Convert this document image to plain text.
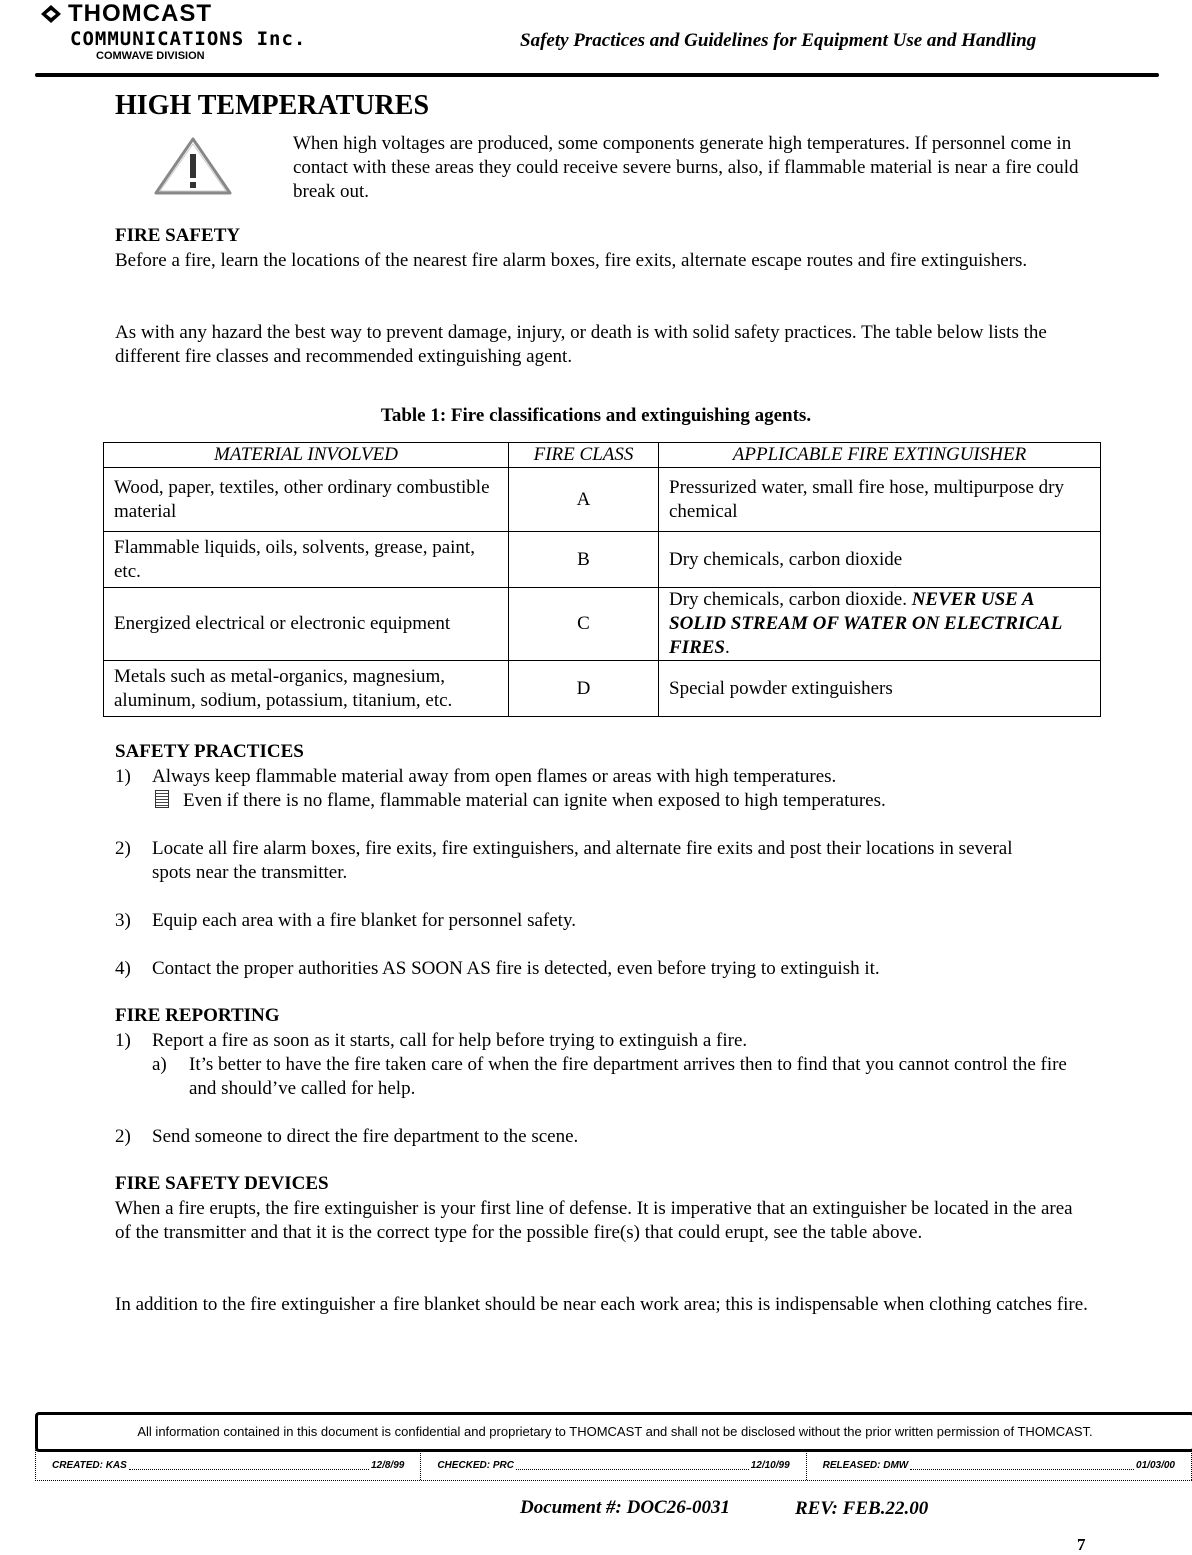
THOMCAST
COMMUNICATIONS Inc.
COMWAVE DIVISION
Safety Practices and Guidelines for Equipment Use and Handling
HIGH TEMPERATURES
When high voltages are produced, some components generate high temperatures. If personnel come in contact with these areas they could receive severe burns, also, if flammable material is near a fire could break out.
FIRE SAFETY
Before a fire, learn the locations of the nearest fire alarm boxes, fire exits, alternate escape routes and fire extinguishers.
As with any hazard the best way to prevent damage, injury, or death is with solid safety practices. The table below lists the different fire classes and recommended extinguishing agent.
Table 1: Fire classifications and extinguishing agents.
MATERIAL INVOLVED	FIRE CLASS	APPLICABLE FIRE EXTINGUISHER
Wood, paper, textiles, other ordinary combustible material	A	Pressurized water, small fire hose, multipurpose dry chemical
Flammable liquids, oils, solvents, grease, paint, etc.	B	Dry chemicals, carbon dioxide
Energized electrical or electronic equipment	C	Dry chemicals, carbon dioxide. NEVER USE A SOLID STREAM OF WATER ON ELECTRICAL FIRES.
Metals such as metal-organics, magnesium, aluminum, sodium, potassium, titanium, etc.	D	Special powder extinguishers
SAFETY PRACTICES
1) Always keep flammable material away from open flames or areas with high temperatures.
Even if there is no flame, flammable material can ignite when exposed to high temperatures.
2)	Locate all fire alarm boxes, fire exits, fire extinguishers, and alternate fire exits and post their locations in several spots near the transmitter.
3) Equip each area with a fire blanket for personnel safety.
4) Contact the proper authorities AS SOON AS fire is detected, even before trying to extinguish it.
FIRE REPORTING
1) Report a fire as soon as it starts, call for help before trying to extinguish a fire.
a)	It’s better to have the fire taken care of when the fire department arrives then to find that you cannot control the fire and should’ve called for help.
2) Send someone to direct the fire department to the scene.
FIRE SAFETY DEVICES
When a fire erupts, the fire extinguisher is your first line of defense. It is imperative that an extinguisher be located in the area of the transmitter and that it is the correct type for the possible fire(s) that could erupt, see the table above.
In addition to the fire extinguisher a fire blanket should be near each work area; this is indispensable when clothing catches fire.
All information contained in this document is confidential and proprietary to THOMCAST and shall not be disclosed without the prior written permission of THOMCAST.
CREATED: KAS	12/8/99	CHECKED: PRC	12/10/99	RELEASED: DMW	01/03/00
Document #: DOC26-0031	REV: FEB.22.00
7
